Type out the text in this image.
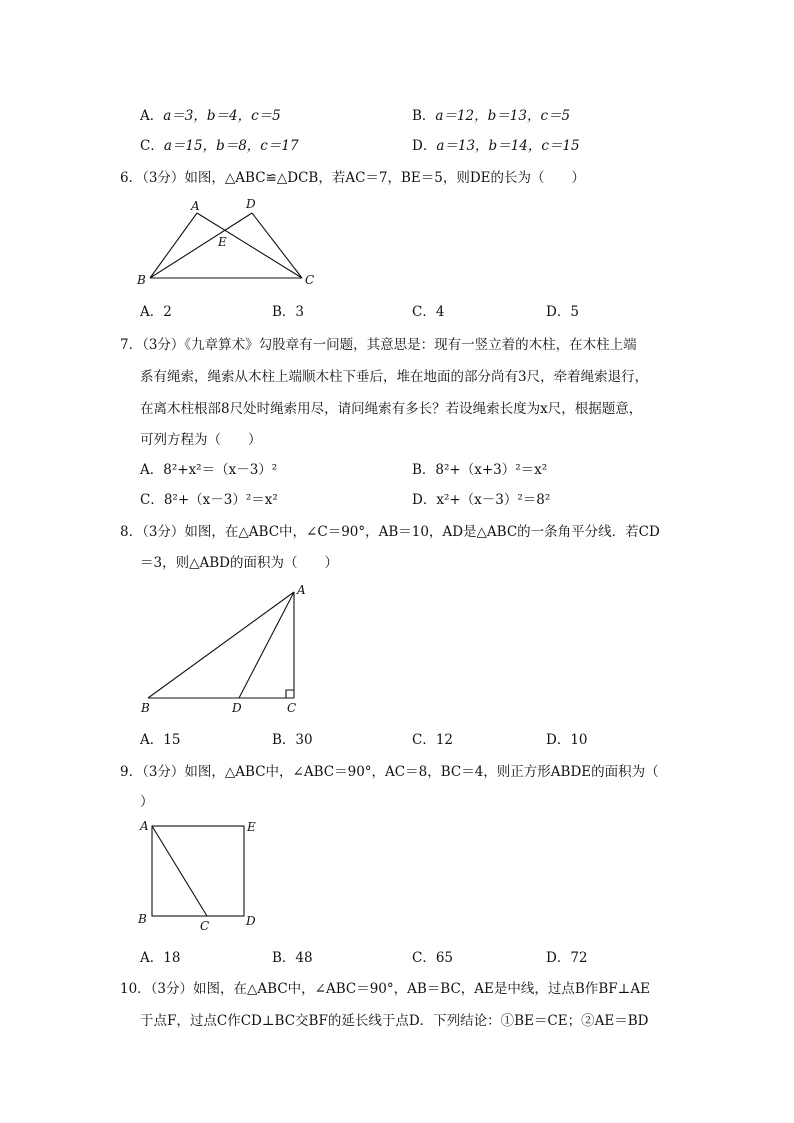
A．a＝3，b＝4，c＝5	B．a＝12，b＝13，c＝5
C．a＝15，b＝8，c＝17	D．a＝13，b＝14，c＝15
6．（3分）如图，△ABC≌△DCB，若AC＝7，BE＝5，则DE的长为（　　）
A	D
E
B	C
A．2	B．3	C．4	D．5
7．（3分）《九章算术》勾股章有一问题，其意思是：现有一竖立着的木柱，在木柱上端
系有绳索，绳索从木柱上端顺木柱下垂后，堆在地面的部分尚有3尺，牵着绳索退行，
在离木柱根部8尺处时绳索用尽，请问绳索有多长？若设绳索长度为x尺，根据题意，
可列方程为（　　）
A．8²+x²＝（x－3）²	B．8²+（x+3）²＝x²
C．8²+（x－3）²＝x²	D．x²+（x－3）²＝8²
8．（3分）如图，在△ABC中，∠C＝90°，AB＝10，AD是△ABC的一条角平分线．若CD
＝3，则△ABD的面积为（　　）
A
B	D	C
A．15	B．30	C．12	D．10
9．（3分）如图，△ABC中，∠ABC＝90°，AC＝8，BC＝4，则正方形ABDE的面积为（
）
A	E
B	C	D
A．18	B．48	C．65	D．72
10．（3分）如图，在△ABC中，∠ABC＝90°，AB＝BC，AE是中线，过点B作BF⊥AE
于点F，过点C作CD⊥BC交BF的延长线于点D．下列结论：①BE＝CE；②AE＝BD
